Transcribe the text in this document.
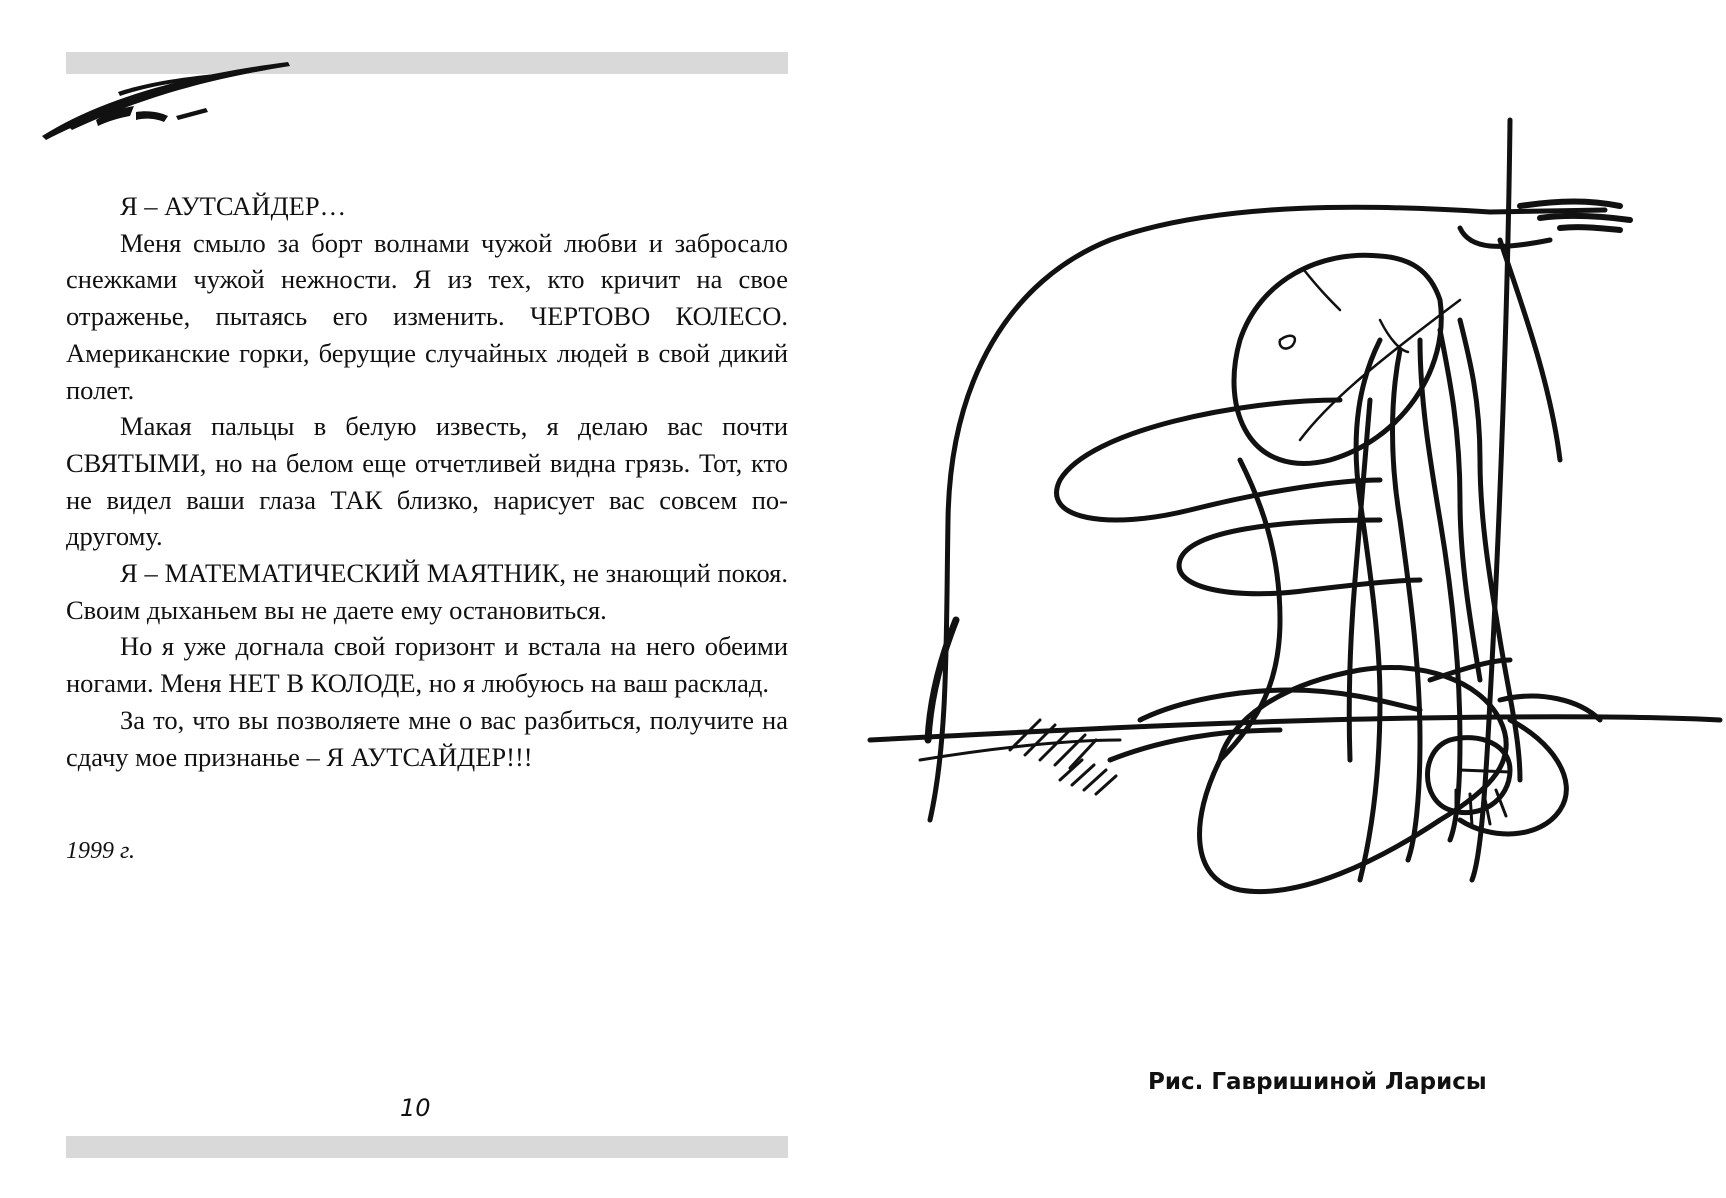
Я – АУТСАЙДЕР…

Меня смыло за борт волнами чужой любви и забросало снежками чужой нежности. Я из тех, кто кричит на свое отраженье, пытаясь его изменить. ЧЕРТОВО КОЛЕСО. Американские горки, берущие случайных людей в свой дикий полет.

Макая пальцы в белую известь, я делаю вас почти СВЯТЫМИ, но на белом еще отчетливей видна грязь. Тот, кто не видел ваши глаза ТАК близко, нарисует вас совсем по-другому.

Я – МАТЕМАТИЧЕСКИЙ МАЯТНИК, не знающий покоя. Своим дыханьем вы не даете ему остановиться.

Но я уже догнала свой горизонт и встала на него обеими ногами. Меня НЕТ В КОЛОДЕ, но я любуюсь на ваш расклад.

За то, что вы позволяете мне о вас разбиться, получите на сдачу мое признанье – Я АУТСАЙДЕР!!!

1999 г.
10
Рис. Гавришиной Ларисы
